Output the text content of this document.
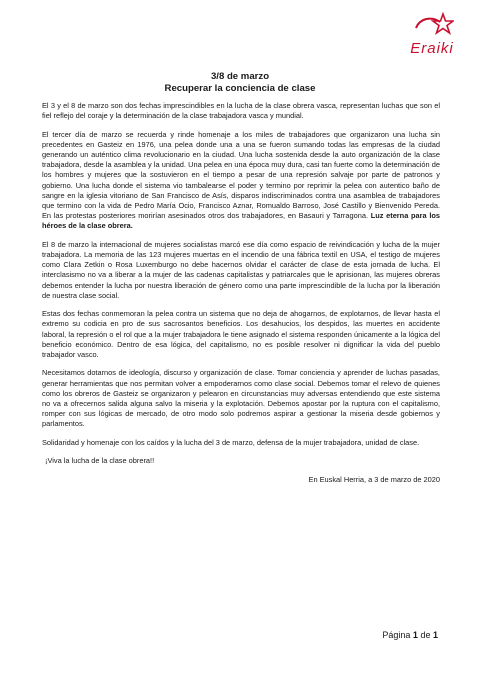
Eraiki

3/8 de marzo

Recuperar la conciencia de clase

El 3 y el 8 de marzo son dos fechas imprescindibles en la lucha de la clase obrera vasca, representan luchas que son el fiel reflejo del coraje y la determinación de la clase trabajadora vasca y mundial.

El tercer día de marzo se recuerda y rinde homenaje a los miles de trabajadores que organizaron una lucha sin precedentes en Gasteiz en 1976, una pelea donde una a una se fueron sumando todas las empresas de la ciudad generando un auténtico clima revolucionario en la ciudad. Una lucha sostenida desde la auto organización de la clase trabajadora, desde la asamblea y la unidad. Una pelea en una época muy dura, casi tan fuerte como la determinación de los hombres y mujeres que la sostuvieron en el tiempo a pesar de una represión salvaje por parte de patronos y gobierno. Una lucha donde el sistema vio tambalearse el poder y termino por reprimir la pelea con autentico baño de sangre en la iglesia vitoriano de San Francisco de Asís, disparos indiscriminados contra una asamblea de trabajadores que termino con la vida de Pedro María Ocio, Francisco Aznar, Romualdo Barroso, José Castillo y Bienvenido Pereda. En las protestas posteriores morirían asesinados otros dos trabajadores, en Basauri y Tarragona. Luz eterna para los héroes de la clase obrera.

El 8 de marzo la internacional de mujeres socialistas marcó ese día como espacio de reivindicación y lucha de la mujer trabajadora. La memoria de las 123 mujeres muertas en el incendio de una fábrica textil en USA, el testigo de mujeres como Clara Zetkin o Rosa Luxemburgo no debe hacernos olvidar el carácter de clase de esta jornada de lucha. El interclasismo no va a liberar a la mujer de las cadenas capitalistas y patriarcales que le aprisionan, las mujeres obreras debemos entender la lucha por nuestra liberación de género como una parte imprescindible de la lucha por la liberación de nuestra clase social.

Estas dos fechas conmemoran la pelea contra un sistema que no deja de ahogarnos, de explotarnos, de llevar hasta el extremo su codicia en pro de sus sacrosantos beneficios. Los desahucios, los despidos, las muertes en accidente laboral, la represión o el rol que a la mujer trabajadora le tiene asignado el sistema responden únicamente a la lógica del beneficio económico. Dentro de esa lógica, del capitalismo, no es posible resolver ni dignificar la vida del pueblo trabajador vasco.

Necesitamos dotarnos de ideología, discurso y organización de clase. Tomar conciencia y aprender de luchas pasadas, generar herramientas que nos permitan volver a empoderarnos como clase social. Debemos tomar el relevo de quienes como los obreros de Gasteiz se organizaron y pelearon en circunstancias muy adversas entendiendo que este sistema no va a ofrecernos salida alguna salvo la miseria y la explotación. Debemos apostar por la ruptura con el capitalismo, romper con sus lógicas de mercado, de otro modo solo podremos aspirar a gestionar la miseria desde gobiernos y parlamentos.

Solidaridad y homenaje con los caídos y la lucha del 3 de marzo, defensa de la mujer trabajadora, unidad de clase.

¡Viva la lucha de la clase obrera!!

En Euskal Herria, a 3 de marzo de 2020

Página 1 de 1
